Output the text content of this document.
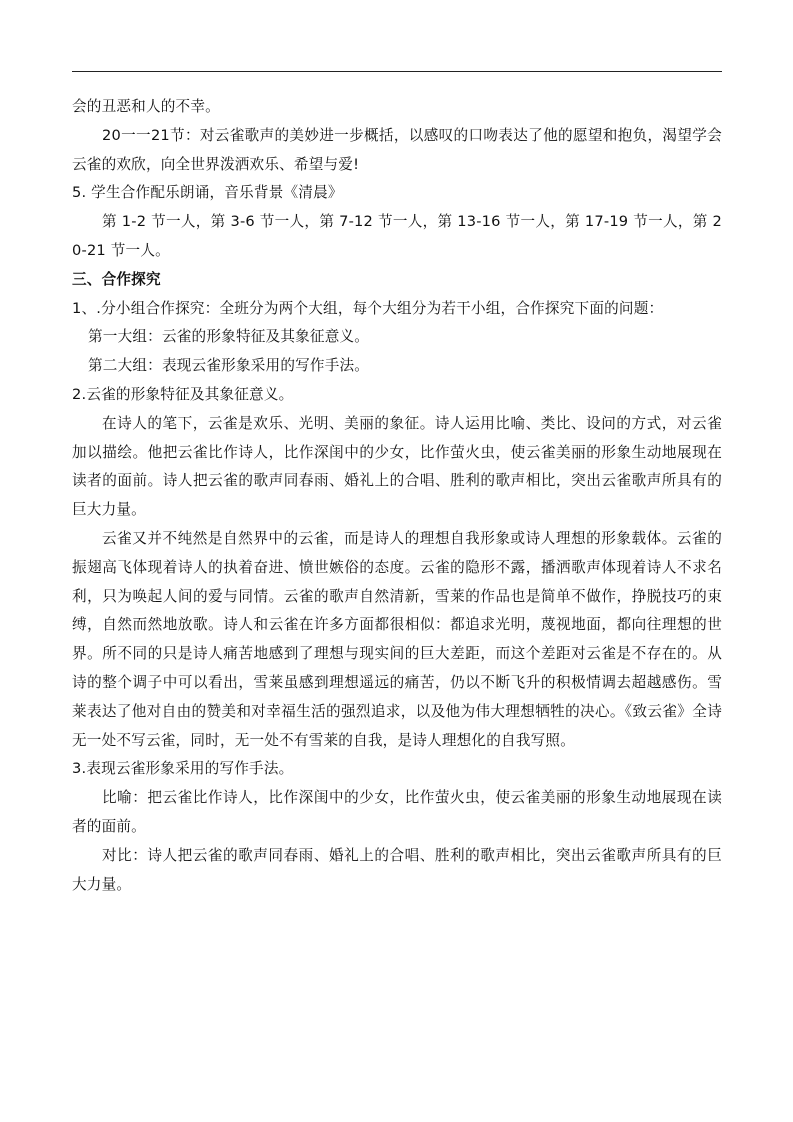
会的丑恶和人的不幸。

20一一21节：对云雀歌声的美妙进一步概括，以感叹的口吻表达了他的愿望和抱负，渴望学会云雀的欢欣，向全世界泼洒欢乐、希望与爱!

5. 学生合作配乐朗诵，音乐背景《清晨》

第 1-2 节一人，第 3-6 节一人，第 7-12 节一人，第 13-16 节一人，第 17-19 节一人，第 20-21 节一人。

三、合作探究

1、.分小组合作探究：全班分为两个大组，每个大组分为若干小组，合作探究下面的问题：

第一大组：云雀的形象特征及其象征意义。

第二大组：表现云雀形象采用的写作手法。

2.云雀的形象特征及其象征意义。

在诗人的笔下，云雀是欢乐、光明、美丽的象征。诗人运用比喻、类比、设问的方式，对云雀加以描绘。他把云雀比作诗人，比作深闺中的少女，比作萤火虫，使云雀美丽的形象生动地展现在读者的面前。诗人把云雀的歌声同春雨、婚礼上的合唱、胜利的歌声相比，突出云雀歌声所具有的巨大力量。

云雀又并不纯然是自然界中的云雀，而是诗人的理想自我形象或诗人理想的形象载体。云雀的振翅高飞体现着诗人的执着奋进、愤世嫉俗的态度。云雀的隐形不露，播洒歌声体现着诗人不求名利，只为唤起人间的爱与同情。云雀的歌声自然清新，雪莱的作品也是简单不做作，挣脱技巧的束缚，自然而然地放歌。诗人和云雀在许多方面都很相似：都追求光明，蔑视地面，都向往理想的世界。所不同的只是诗人痛苦地感到了理想与现实间的巨大差距，而这个差距对云雀是不存在的。从诗的整个调子中可以看出，雪莱虽感到理想遥远的痛苦，仍以不断飞升的积极情调去超越感伤。雪莱表达了他对自由的赞美和对幸福生活的强烈追求，以及他为伟大理想牺牲的决心。《致云雀》全诗无一处不写云雀，同时，无一处不有雪莱的自我，是诗人理想化的自我写照。

3.表现云雀形象采用的写作手法。

比喻：把云雀比作诗人，比作深闺中的少女，比作萤火虫，使云雀美丽的形象生动地展现在读者的面前。

对比：诗人把云雀的歌声同春雨、婚礼上的合唱、胜利的歌声相比，突出云雀歌声所具有的巨大力量。
